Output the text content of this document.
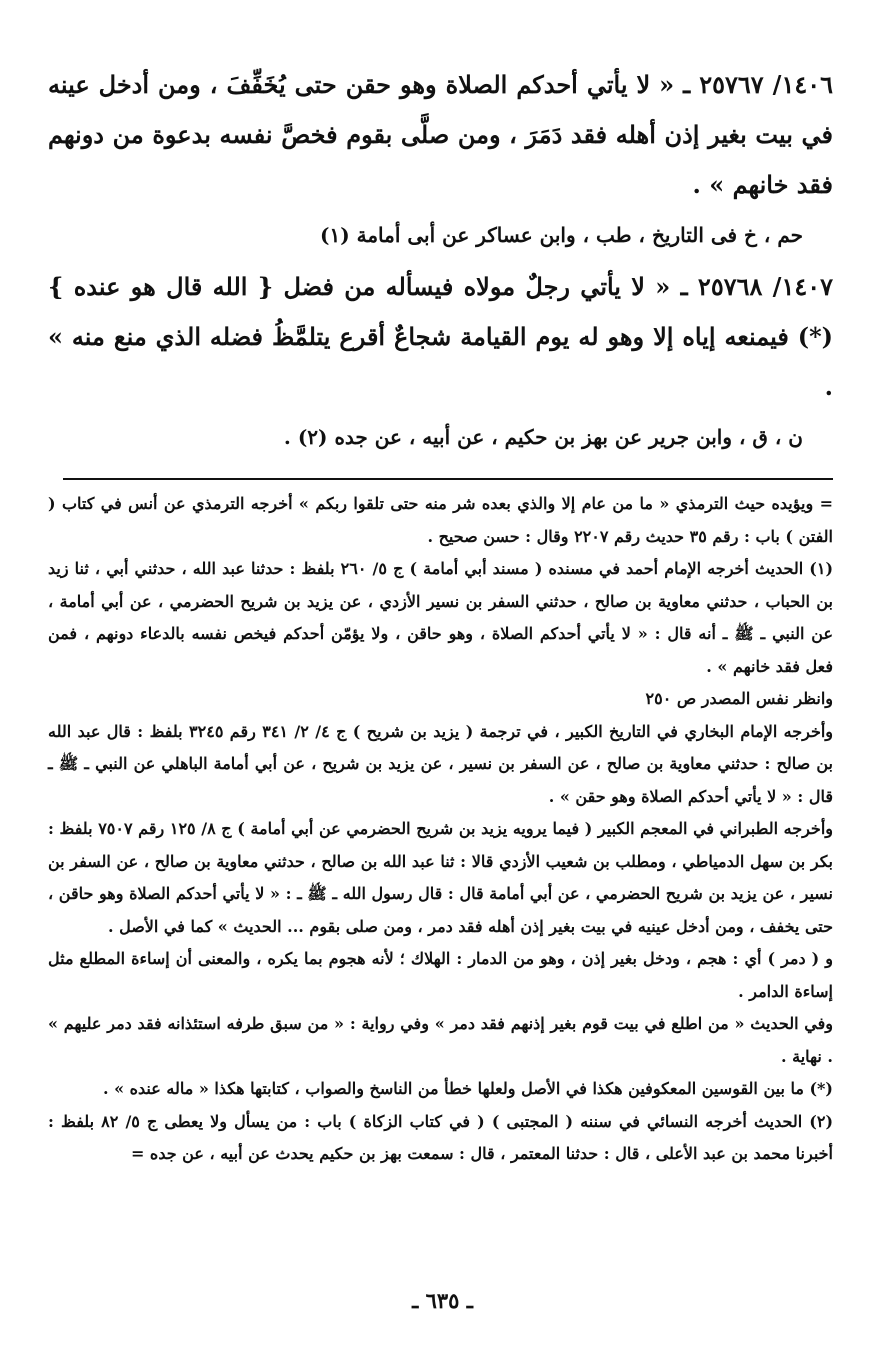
١٤٠٦/ ٢٥٧٦٧ ـ « لا يأتي أحدكم الصلاة وهو حقن حتى يُخَفِّفَ ، ومن أدخل عينه في بيت بغير إذن أهله فقد دَمَرَ ، ومن صلَّى بقوم فخصَّ نفسه بدعوة من دونهم فقد خانهم » .

حم ، خ فى التاريخ ، طب ، وابن عساكر عن أبى أمامة (١)

١٤٠٧/ ٢٥٧٦٨ ـ « لا يأتي رجلٌ مولاه فيسأله من فضل { الله قال هو عنده } (*) فيمنعه إياه إلا وهو له يوم القيامة شجاعٌ أقرع يتلمَّظُ فضله الذي منع منه » .

ن ، ق ، وابن جرير عن بهز بن حكيم ، عن أبيه ، عن جده (٢) .

= ويؤيده حيث الترمذي « ما من عام إلا والذي بعده شر منه حتى تلقوا ربكم » أخرجه الترمذي عن أنس في كتاب ( الفتن ) باب : رقم ٣٥ حديث رقم ٢٢٠٧ وقال : حسن صحيح .

(١) الحديث أخرجه الإمام أحمد في مسنده ( مسند أبي أمامة ) ج ٥/ ٢٦٠ بلفظ : حدثنا عبد الله ، حدثني أبي ، ثنا زيد بن الحباب ، حدثني معاوية بن صالح ، حدثني السفر بن نسير الأزدي ، عن يزيد بن شريح الحضرمي ، عن أبي أمامة ، عن النبي ـ ﷺ ـ أنه قال : « لا يأتي أحدكم الصلاة ، وهو حاقن ، ولا يؤمّن أحدكم فيخص نفسه بالدعاء دونهم ، فمن فعل فقد خانهم » .

وانظر نفس المصدر ص ٢٥٠

وأخرجه الإمام البخاري في التاريخ الكبير ، في ترجمة ( يزيد بن شريح ) ج ٤/ ٢/ ٣٤١ رقم ٣٢٤٥ بلفظ : قال عبد الله بن صالح : حدثني معاوية بن صالح ، عن السفر بن نسير ، عن يزيد بن شريح ، عن أبي أمامة الباهلي عن النبي ـ ﷺ ـ قال : « لا يأتي أحدكم الصلاة وهو حقن » .

وأخرجه الطبراني في المعجم الكبير ( فيما يرويه يزيد بن شريح الحضرمي عن أبي أمامة ) ج ٨/ ١٢٥ رقم ٧٥٠٧ بلفظ : بكر بن سهل الدمياطي ، ومطلب بن شعيب الأزدي قالا : ثنا عبد الله بن صالح ، حدثني معاوية بن صالح ، عن السفر بن نسير ، عن يزيد بن شريح الحضرمي ، عن أبي أمامة قال : قال رسول الله ـ ﷺ ـ : « لا يأتي أحدكم الصلاة وهو حاقن ، حتى يخفف ، ومن أدخل عينيه في بيت بغير إذن أهله فقد دمر ، ومن صلى بقوم ... الحديث » كما في الأصل .

و ( دمر ) أي : هجم ، ودخل بغير إذن ، وهو من الدمار : الهلاك ؛ لأنه هجوم بما يكره ، والمعنى أن إساءة المطلع مثل إساءة الدامر .

وفي الحديث « من اطلع في بيت قوم بغير إذنهم فقد دمر » وفي رواية : « من سبق طرفه استئذانه فقد دمر عليهم » . نهاية .

(*) ما بين القوسين المعكوفين هكذا في الأصل ولعلها خطأ من الناسخ والصواب ، كتابتها هكذا « ماله عنده » .

(٢) الحديث أخرجه النسائي في سننه ( المجتبى ) ( في كتاب الزكاة ) باب : من يسأل ولا يعطى ج ٥/ ٨٢ بلفظ : أخبرنا محمد بن عبد الأعلى ، قال : حدثنا المعتمر ، قال : سمعت بهز بن حكيم يحدث عن أبيه ، عن جده =

ـ ٦٣٥ ـ
